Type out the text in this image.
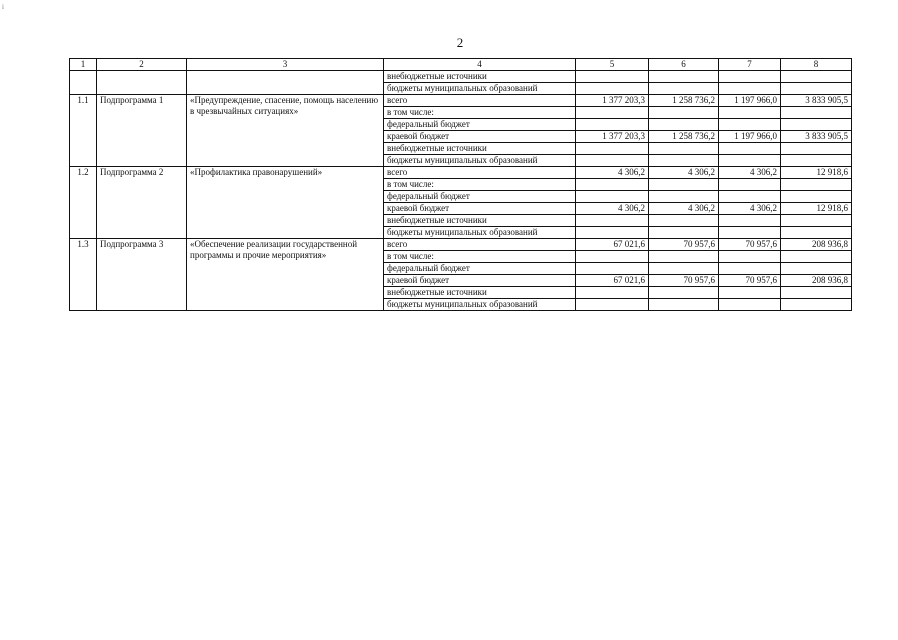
i
2
1	2	3	4	5	6	7	8
			внебюджетные источники				
			бюджеты муниципальных образований				
1.1	Подпрограмма 1	«Предупреждение, спасение, помощь населению в чрезвычайных ситуациях»	всего	1 377 203,3	1 258 736,2	1 197 966,0	3 833 905,5
			в том числе:				
			федеральный бюджет				
			краевой бюджет	1 377 203,3	1 258 736,2	1 197 966,0	3 833 905,5
			внебюджетные источники				
			бюджеты муниципальных образований				
1.2	Подпрограмма 2	«Профилактика правонарушений»	всего	4 306,2	4 306,2	4 306,2	12 918,6
			в том числе:				
			федеральный бюджет				
			краевой бюджет	4 306,2	4 306,2	4 306,2	12 918,6
			внебюджетные источники				
			бюджеты муниципальных образований				
1.3	Подпрограмма 3	«Обеспечение реализации государственной программы и прочие мероприятия»	всего	67 021,6	70 957,6	70 957,6	208 936,8
			в том числе:				
			федеральный бюджет				
			краевой бюджет	67 021,6	70 957,6	70 957,6	208 936,8
			внебюджетные источники				
			бюджеты муниципальных образований				
